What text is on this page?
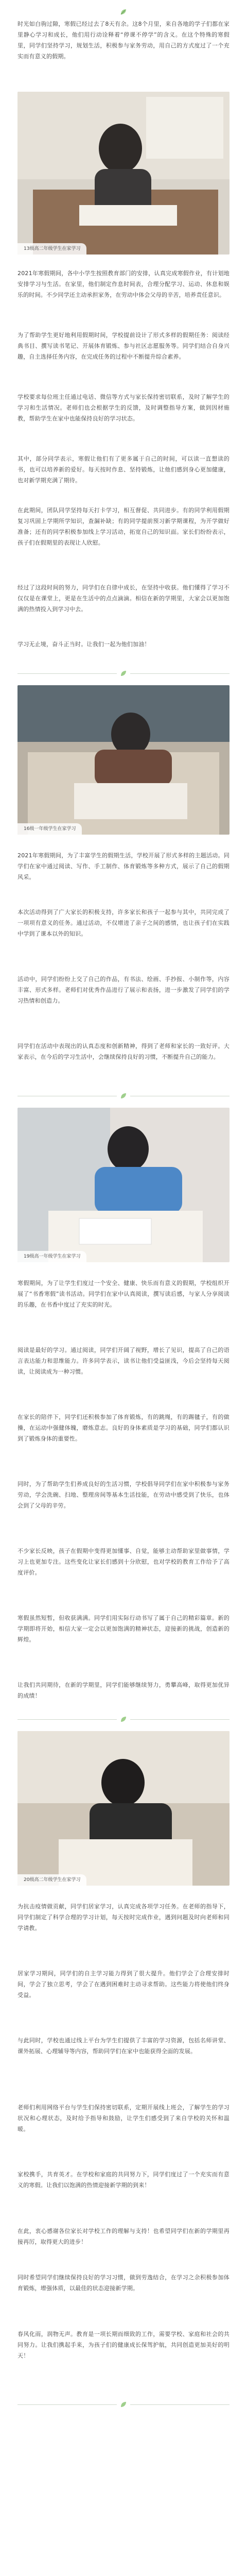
时光如白驹过隙，寒假已经过去了8天有余。这8个月里，来自各地的学子们都在家里静心学习和成长，他们用行动诠释着“停课不停学”的含义。在这个特殊的寒假里，同学们坚持学习，规划生活，积极参与家务劳动，用自己的方式度过了一个充实而有意义的假期。
13级高二年级学生在家学习
2021年寒假期间，各中小学生按照教育部门的安排，认真完成寒假作业，有计划地安排学习与生活。在家里，他们制定作息时间表，合理分配学习、运动、休息和娱乐的时间。不少同学还主动承担家务，在劳动中体会父母的辛苦，培养责任意识。
为了帮助学生更好地利用假期时间，学校提前设计了形式多样的假期任务：阅读经典书目、撰写读书笔记、开展体育锻炼、参与社区志愿服务等。同学们结合自身兴趣，自主选择任务内容，在完成任务的过程中不断提升综合素养。
学校要求每位班主任通过电话、微信等方式与家长保持密切联系，及时了解学生的学习和生活情况。老师们也会根据学生的反馈，及时调整指导方案，做到因材施教，帮助学生在家中也能保持良好的学习状态。
其中，部分同学表示，寒假让他们有了更多属于自己的时间，可以读一直想读的书，也可以培养新的爱好。每天按时作息、坚持锻炼，让他们感到身心更加健康，也对新学期充满了期待。
在此期间，团队同学坚持每天打卡学习，相互督促、共同进步。有的同学利用假期复习巩固上学期所学知识，查漏补缺；有的同学提前预习新学期课程，为开学做好准备；还有的同学积极参加线上学习活动，拓宽自己的知识面。家长们纷纷表示，孩子们在假期里的表现让人欣慰。
经过了这段时间的努力，同学们在自律中成长，在坚持中收获。他们懂得了学习不仅仅是在课堂上，更是在生活中的点点滴滴。相信在新的学期里，大家会以更加饱满的热情投入到学习中去。
学习无止境，奋斗正当时。让我们一起为他们加油！
16级一年级学生在家学习
2021年寒假期间，为了丰富学生的假期生活，学校开展了形式多样的主题活动。同学们在家中通过阅读、写作、手工制作、体育锻炼等多种方式，展示了自己的假期风采。
本次活动得到了广大家长的积极支持，许多家长和孩子一起参与其中，共同完成了一项项有意义的任务。通过活动，不仅增进了亲子之间的感情，也让孩子们在实践中学到了课本以外的知识。
活动中，同学们纷纷上交了自己的作品，有书法、绘画、手抄报、小制作等，内容丰富、形式多样。老师们对优秀作品进行了展示和表扬，进一步激发了同学们的学习热情和创造力。
同学们在活动中表现出的认真态度和创新精神，得到了老师和家长的一致好评。大家表示，在今后的学习生活中，会继续保持良好的习惯，不断提升自己的能力。
19级高一年级学生在家学习
寒假期间，为了让学生们度过一个安全、健康、快乐而有意义的假期，学校组织开展了“书香寒假”读书活动。同学们在家中认真阅读，撰写读后感，与家人分享阅读的乐趣，在书香中度过了充实的时光。
阅读是最好的学习。通过阅读，同学们开阔了视野，增长了见识，提高了自己的语言表达能力和思维能力。许多同学表示，读书让他们受益匪浅，今后会坚持每天阅读，让阅读成为一种习惯。
在家长的陪伴下，同学们还积极参加了体育锻炼，有的跳绳，有的踢毽子，有的做操，在运动中强健体魄，磨炼意志。良好的身体素质是学习的基础，同学们都认识到了锻炼身体的重要性。
同时，为了帮助学生们养成良好的生活习惯，学校倡导同学们在家中积极参与家务劳动，学会洗碗、扫地、整理房间等基本生活技能，在劳动中感受到了快乐，也体会到了父母的辛劳。
不少家长反映，孩子在假期中变得更加懂事、自觉，能够主动帮助家里做事情，学习上也更加专注。这些变化让家长们感到十分欣慰，也对学校的教育工作给予了高度评价。
寒假虽然短暂，但收获满满。同学们用实际行动书写了属于自己的精彩篇章。新的学期即将开始，相信大家一定会以更加饱满的精神状态，迎接新的挑战，创造新的辉煌。
让我们共同期待，在新的学期里，同学们能够继续努力，勇攀高峰，取得更加优异的成绩！
20级高二年级学生在家学习
为抗击疫情做贡献，同学们居家学习，认真完成各项学习任务。在老师的指导下，同学们制定了科学合理的学习计划，每天按时完成作业，遇到问题及时向老师和同学请教。
居家学习期间，同学们的自主学习能力得到了很大提升。他们学会了合理安排时间，学会了独立思考，学会了在遇到困难时主动寻求帮助。这些能力将使他们终身受益。
与此同时，学校也通过线上平台为学生们提供了丰富的学习资源，包括名师讲堂、课外拓展、心理辅导等内容，帮助同学们在家中也能获得全面的发展。
老师们利用网络平台与学生们保持密切联系，定期开展线上班会，了解学生的学习状况和心理状态，及时给予指导和鼓励，让学生们感受到了来自学校的关怀和温暖。
家校携手，共育英才。在学校和家庭的共同努力下，同学们度过了一个充实而有意义的寒假。让我们以饱满的热情迎接新学期的到来！
在此，衷心感谢各位家长对学校工作的理解与支持！也希望同学们在新的学期里再接再厉，取得更大的进步！
同时希望同学们继续保持良好的学习习惯，做到劳逸结合，在学习之余积极参加体育锻炼，增强体质，以最佳的状态迎接新学期。
春风化雨，润物无声。教育是一项长期而细致的工作，需要学校、家庭和社会的共同努力。让我们携起手来，为孩子们的健康成长保驾护航，共同创造更加美好的明天！
